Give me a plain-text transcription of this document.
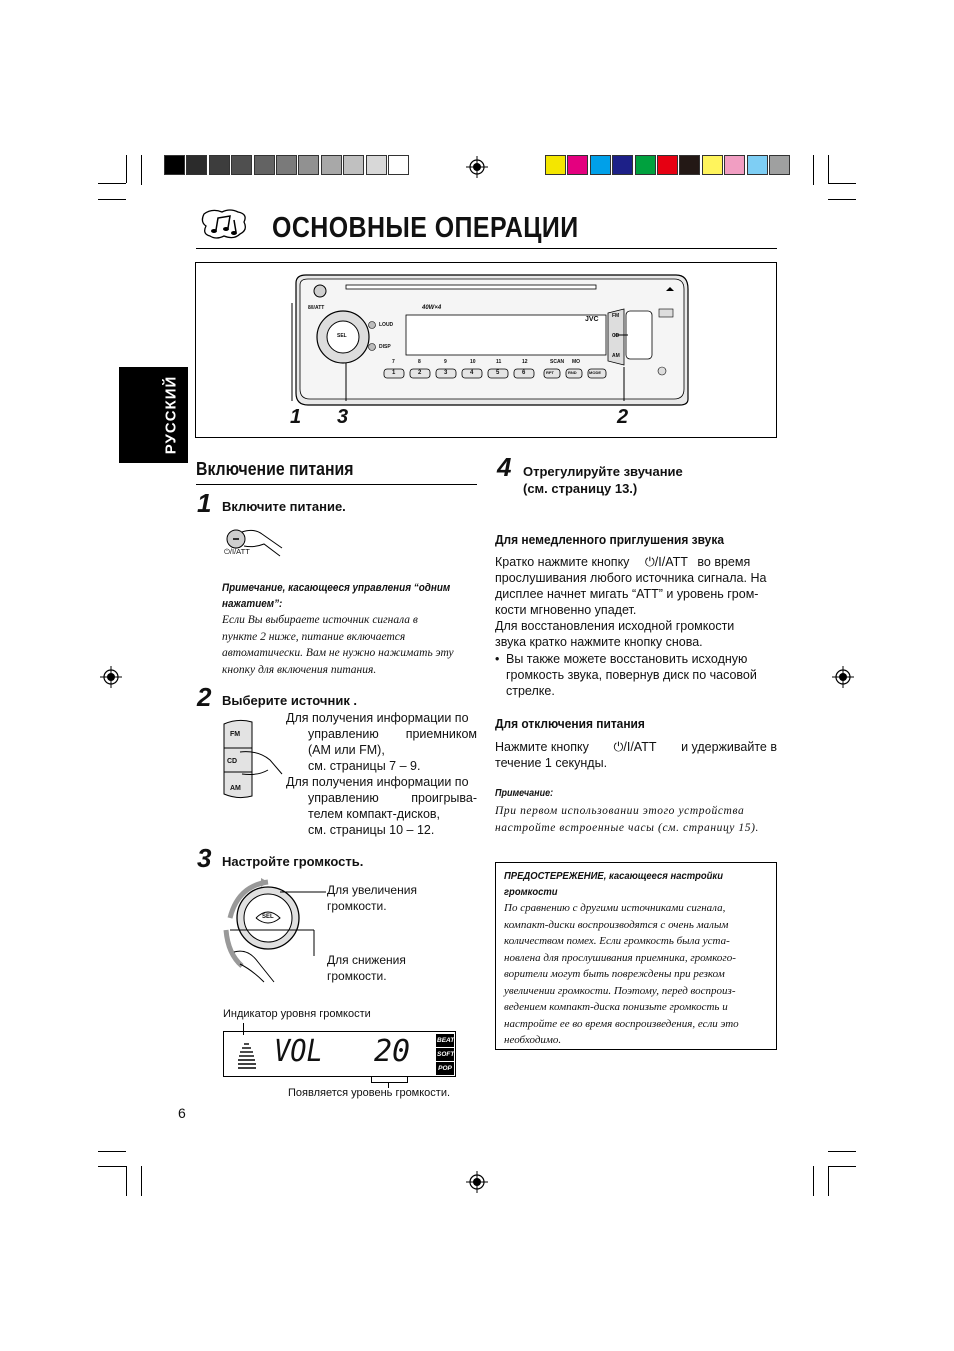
ОСНОВНЫЕ ОПЕРАЦИИ
8/I/ATT	40W×4
JVC
LOUD
DISP
SEL
FM
CD
AM
7	8	9	10	11	12	SCAN MO
1	2	3	4	5	6	RPT	RND	MODE
1 3	2
РУССКИЙ
Включение питания
1 Включите питание.
⏻/I/ATT
Примечание, касающееся управления “одним нажатием”:
Если Вы выбираете источник сигнала в
пункте 2 ниже, питание включается
автоматически. Вам не нужно нажимать эту
кнопку для включения питания.
2 Выберите источник .
FM
CD
AM
Для получения информации по
управлению приемником
(AM или FM),
см. страницы 7 – 9.
Для получения информации по
управлению проигрыва-
телем компакт-дисков,
см. страницы 10 – 12.
3 Настройте громкость.
SEL
Для увеличения
громкости.
Для снижения
громкости.
Индикатор уровня громкости
VOL 20	BEAT
SOFT
POP
Появляется уровень громкости.
6
4 Отрегулируйте звучание
(см. страницу 13.)
Для немедленного приглушения звука
Кратко нажмите кнопку ⏻/I/ATT во время
прослушивания любого источника сигнала. На
дисплее начнет мигать “ATT” и уровень гром-
кости мгновенно упадет.
Для восстановления исходной громкости
звука кратко нажмите кнопку снова.
• Вы также можете восстановить исходную
громкость звука, повернув диск по часовой
стрелке.
Для отключения питания
Нажмите кнопку ⏻/I/ATT и удерживайте в
течение 1 секунды.
Примечание:
При первом использовании этого устройства
настройте встроенные часы (см. страницу 15).
ПРЕДОСТЕРЕЖЕНИЕ, касающееся настройки
громкости
По сравнению с другими источниками сигнала,
компакт-диски воспроизводятся с очень малым
количеством помех. Если громкость была уста-
новлена для прослушивания приемника, громкого-
ворители могут быть повреждены при резком
увеличении громкости. Поэтому, перед воспроиз-
ведением компакт-диска понизьте громкость и
настройте ее во время воспроизведения, если это
необходимо.
